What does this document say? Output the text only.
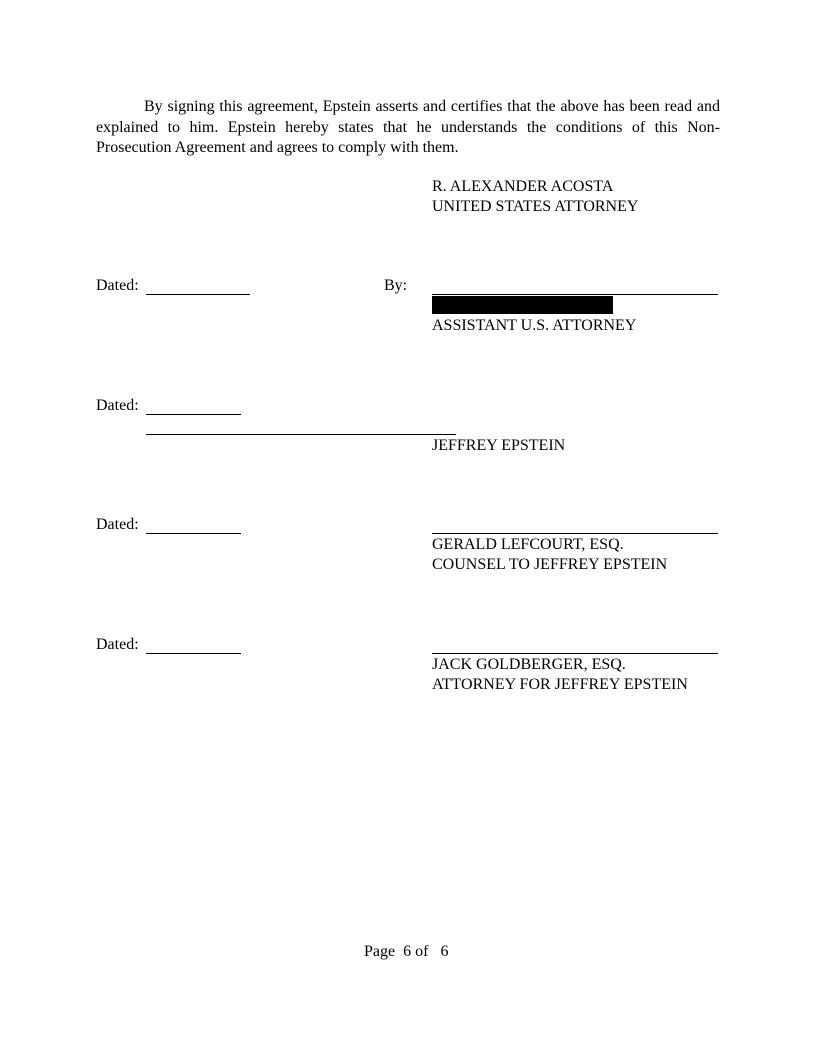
By signing this agreement, Epstein asserts and certifies that the above has been read and explained to him. Epstein hereby states that he understands the conditions of this Non-Prosecution Agreement and agrees to comply with them.

R. ALEXANDER ACOSTA
UNITED STATES ATTORNEY
Dated:	By:
ASSISTANT U.S. ATTORNEY
Dated:
JEFFREY EPSTEIN
Dated:
GERALD LEFCOURT, ESQ.
COUNSEL TO JEFFREY EPSTEIN
Dated:
JACK GOLDBERGER, ESQ.
ATTORNEY FOR JEFFREY EPSTEIN
Page 6 of 6
